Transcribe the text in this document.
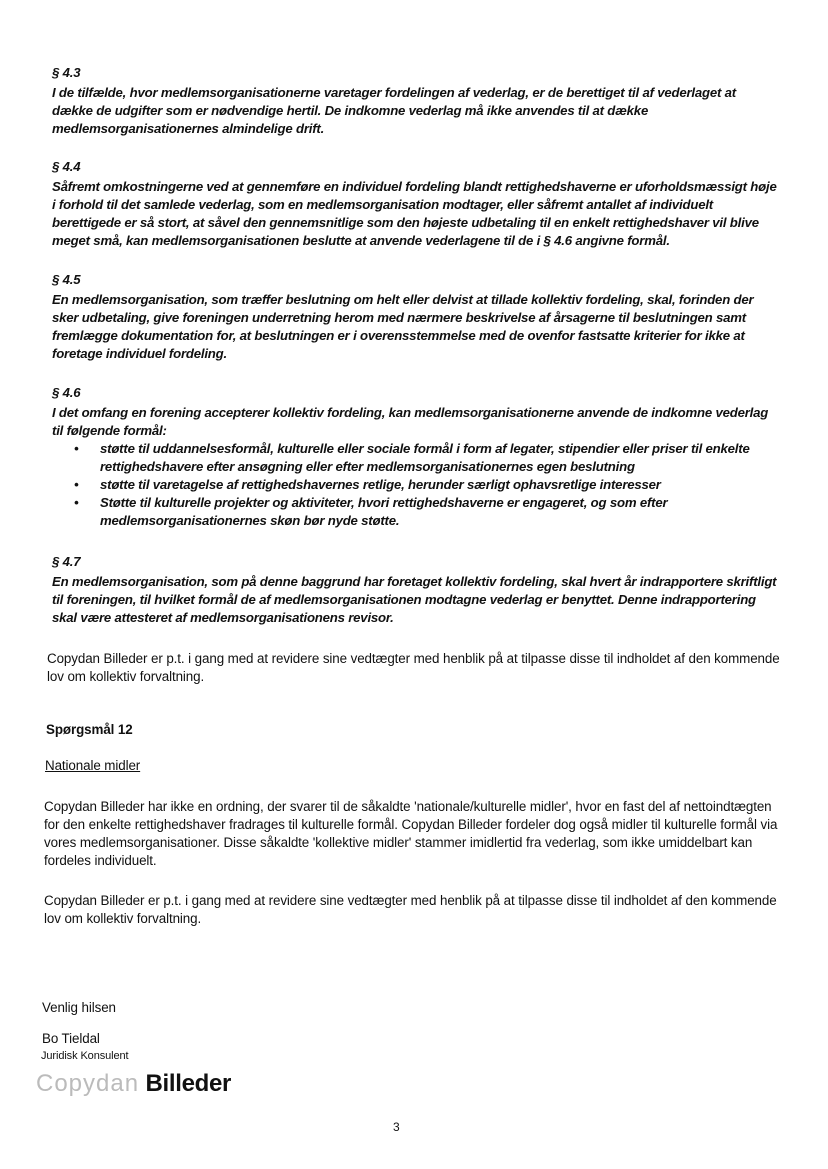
§ 4.3
I de tilfælde, hvor medlemsorganisationerne varetager fordelingen af vederlag, er de berettiget til af vederlaget at dække de udgifter som er nødvendige hertil. De indkomne vederlag må ikke anvendes til at dække medlemsorganisationernes almindelige drift.
§ 4.4
Såfremt omkostningerne ved at gennemføre en individuel fordeling blandt rettighedshaverne er uforholdsmæssigt høje i forhold til det samlede vederlag, som en medlemsorganisation modtager, eller såfremt antallet af individuelt berettigede er så stort, at såvel den gennemsnitlige som den højeste udbetaling til en enkelt rettighedshaver vil blive meget små, kan medlemsorganisationen beslutte at anvende vederlagene til de i § 4.6 angivne formål.
§ 4.5
En medlemsorganisation, som træffer beslutning om helt eller delvist at tillade kollektiv fordeling, skal, forinden der sker udbetaling, give foreningen underretning herom med nærmere beskrivelse af årsagerne til beslutningen samt fremlægge dokumentation for, at beslutningen er i overensstemmelse med de ovenfor fastsatte kriterier for ikke at foretage individuel fordeling.
§ 4.6
I det omfang en forening accepterer kollektiv fordeling, kan medlemsorganisationerne anvende de indkomne vederlag til følgende formål:
• støtte til uddannelsesformål, kulturelle eller sociale formål i form af legater, stipendier eller priser til enkelte rettighedshavere efter ansøgning eller efter medlemsorganisationernes egen beslutning
• støtte til varetagelse af rettighedshavernes retlige, herunder særligt ophavsretlige interesser
• Støtte til kulturelle projekter og aktiviteter, hvori rettighedshaverne er engageret, og som efter medlemsorganisationernes skøn bør nyde støtte.
§ 4.7
En medlemsorganisation, som på denne baggrund har foretaget kollektiv fordeling, skal hvert år indrapportere skriftligt til foreningen, til hvilket formål de af medlemsorganisationen modtagne vederlag er benyttet. Denne indrapportering skal være attesteret af medlemsorganisationens revisor.
Copydan Billeder er p.t. i gang med at revidere sine vedtægter med henblik på at tilpasse disse til indholdet af den kommende lov om kollektiv forvaltning.
Spørgsmål 12
Nationale midler
Copydan Billeder har ikke en ordning, der svarer til de såkaldte 'nationale/kulturelle midler', hvor en fast del af nettoindtægten for den enkelte rettighedshaver fradrages til kulturelle formål. Copydan Billeder fordeler dog også midler til kulturelle formål via vores medlemsorganisationer. Disse såkaldte 'kollektive midler' stammer imidlertid fra vederlag, som ikke umiddelbart kan fordeles individuelt.
Copydan Billeder er p.t. i gang med at revidere sine vedtægter med henblik på at tilpasse disse til indholdet af den kommende lov om kollektiv forvaltning.
Venlig hilsen
Bo Tieldal
Juridisk Konsulent
Copydan Billeder
3
